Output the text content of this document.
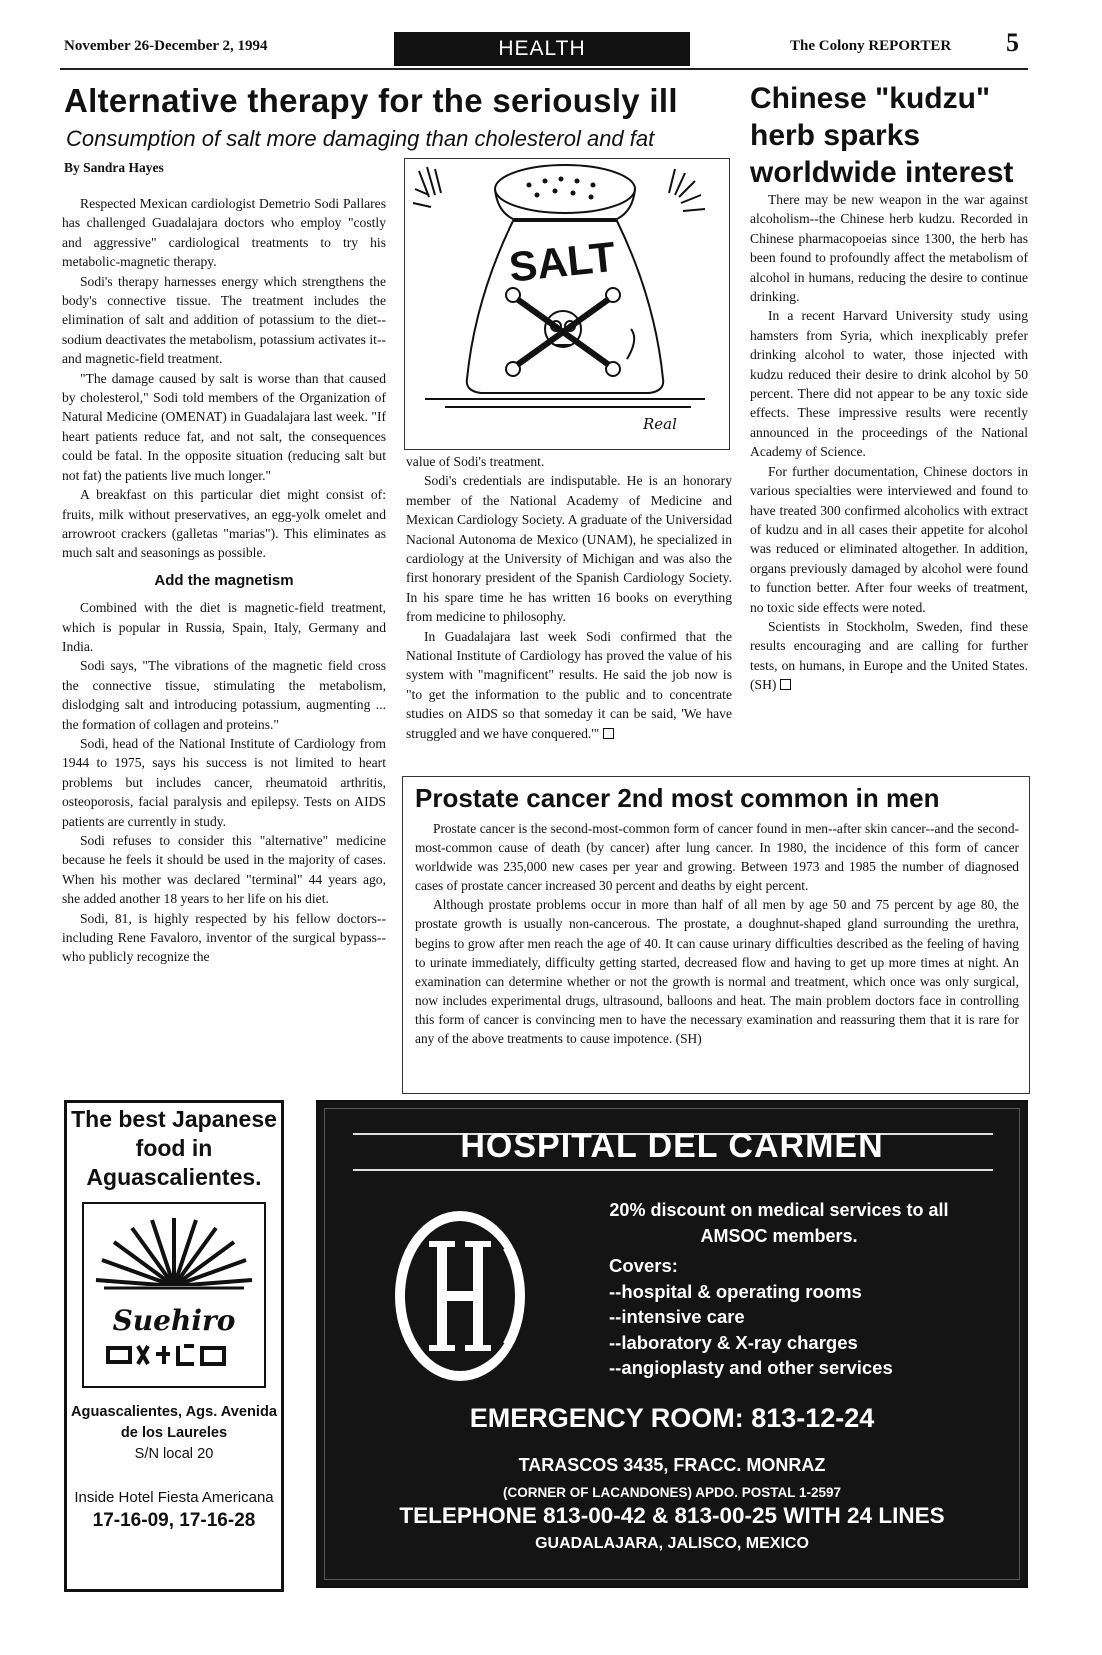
November 26-December 2, 1994	HEALTH	The Colony REPORTER 5
Alternative therapy for the seriously ill
Consumption of salt more damaging than cholesterol and fat
By Sandra Hayes

Respected Mexican cardiologist Demetrio Sodi Pallares has challenged Guadalajara doctors who employ "costly and aggressive" cardiological treatments to try his metabolic-magnetic therapy.

Sodi's therapy harnesses energy which strengthens the body's connective tissue. The treatment includes the elimination of salt and addition of potassium to the diet--sodium deactivates the metabolism, potassium activates it--and magnetic-field treatment.

"The damage caused by salt is worse than that caused by cholesterol," Sodi told members of the Organization of Natural Medicine (OMENAT) in Guadalajara last week. "If heart patients reduce fat, and not salt, the consequences could be fatal. In the opposite situation (reducing salt but not fat) the patients live much longer."

A breakfast on this particular diet might consist of: fruits, milk without preservatives, an egg-yolk omelet and arrowroot crackers (galletas "marias"). This eliminates as much salt and seasonings as possible.

Add the magnetism

Combined with the diet is magnetic-field treatment, which is popular in Russia, Spain, Italy, Germany and India.

Sodi says, "The vibrations of the magnetic field cross the connective tissue, stimulating the metabolism, dislodging salt and introducing potassium, augmenting ... the formation of collagen and proteins."

Sodi, head of the National Institute of Cardiology from 1944 to 1975, says his success is not limited to heart problems but includes cancer, rheumatoid arthritis, osteoporosis, facial paralysis and epilepsy. Tests on AIDS patients are currently in study.

Sodi refuses to consider this "alternative" medicine because he feels it should be used in the majority of cases. When his mother was declared "terminal" 44 years ago, she added another 18 years to her life on his diet.

Sodi, 81, is highly respected by his fellow doctors--including Rene Favaloro, inventor of the surgical bypass--who publicly recognize the

SALT
Real

value of Sodi's treatment.

Sodi's credentials are indisputable. He is an honorary member of the National Academy of Medicine and Mexican Cardiology Society. A graduate of the Universidad Nacional Autonoma de Mexico (UNAM), he specialized in cardiology at the University of Michigan and was also the first honorary president of the Spanish Cardiology Society. In his spare time he has written 16 books on everything from medicine to philosophy.

In Guadalajara last week Sodi confirmed that the National Institute of Cardiology has proved the value of his system with "magnificent" results. He said the job now is "to get the information to the public and to concentrate studies on AIDS so that someday it can be said, 'We have struggled and we have conquered.'"

Chinese "kudzu" herb sparks worldwide interest

There may be new weapon in the war against alcoholism--the Chinese herb kudzu. Recorded in Chinese pharmacopoeias since 1300, the herb has been found to profoundly affect the metabolism of alcohol in humans, reducing the desire to continue drinking.

In a recent Harvard University study using hamsters from Syria, which inexplicably prefer drinking alcohol to water, those injected with kudzu reduced their desire to drink alcohol by 50 percent. There did not appear to be any toxic side effects. These impressive results were recently announced in the proceedings of the National Academy of Science.

For further documentation, Chinese doctors in various specialties were interviewed and found to have treated 300 confirmed alcoholics with extract of kudzu and in all cases their appetite for alcohol was reduced or eliminated altogether. In addition, organs previously damaged by alcohol were found to function better. After four weeks of treatment, no toxic side effects were noted.

Scientists in Stockholm, Sweden, find these results encouraging and are calling for further tests, on humans, in Europe and the United States. (SH)

Prostate cancer 2nd most common in men

Prostate cancer is the second-most-common form of cancer found in men--after skin cancer--and the second-most-common cause of death (by cancer) after lung cancer. In 1980, the incidence of this form of cancer worldwide was 235,000 new cases per year and growing. Between 1973 and 1985 the number of diagnosed cases of prostate cancer increased 30 percent and deaths by eight percent.

Although prostate problems occur in more than half of all men by age 50 and 75 percent by age 80, the prostate growth is usually non-cancerous. The prostate, a doughnut-shaped gland surrounding the urethra, begins to grow after men reach the age of 40. It can cause urinary difficulties described as the feeling of having to urinate immediately, difficulty getting started, decreased flow and having to get up more times at night. An examination can determine whether or not the growth is normal and treatment, which once was only surgical, now includes experimental drugs, ultrasound, balloons and heat. The main problem doctors face in controlling this form of cancer is convincing men to have the necessary examination and reassuring them that it is rare for any of the above treatments to cause impotence. (SH)

The best Japanese food in Aguascalientes.
Suehiro
Aguascalientes, Ags. Avenida de los Laureles
S/N local 20
Inside Hotel Fiesta Americana
17-16-09, 17-16-28
HOSPITAL DEL CARMEN
20% discount on medical services to all AMSOC members.
Covers:
--hospital & operating rooms
--intensive care
--laboratory & X-ray charges
--angioplasty and other services
EMERGENCY ROOM: 813-12-24
TARASCOS 3435, FRACC. MONRAZ
(CORNER OF LACANDONES) APDO. POSTAL 1-2597
TELEPHONE 813-00-42 & 813-00-25 WITH 24 LINES
GUADALAJARA, JALISCO, MEXICO
